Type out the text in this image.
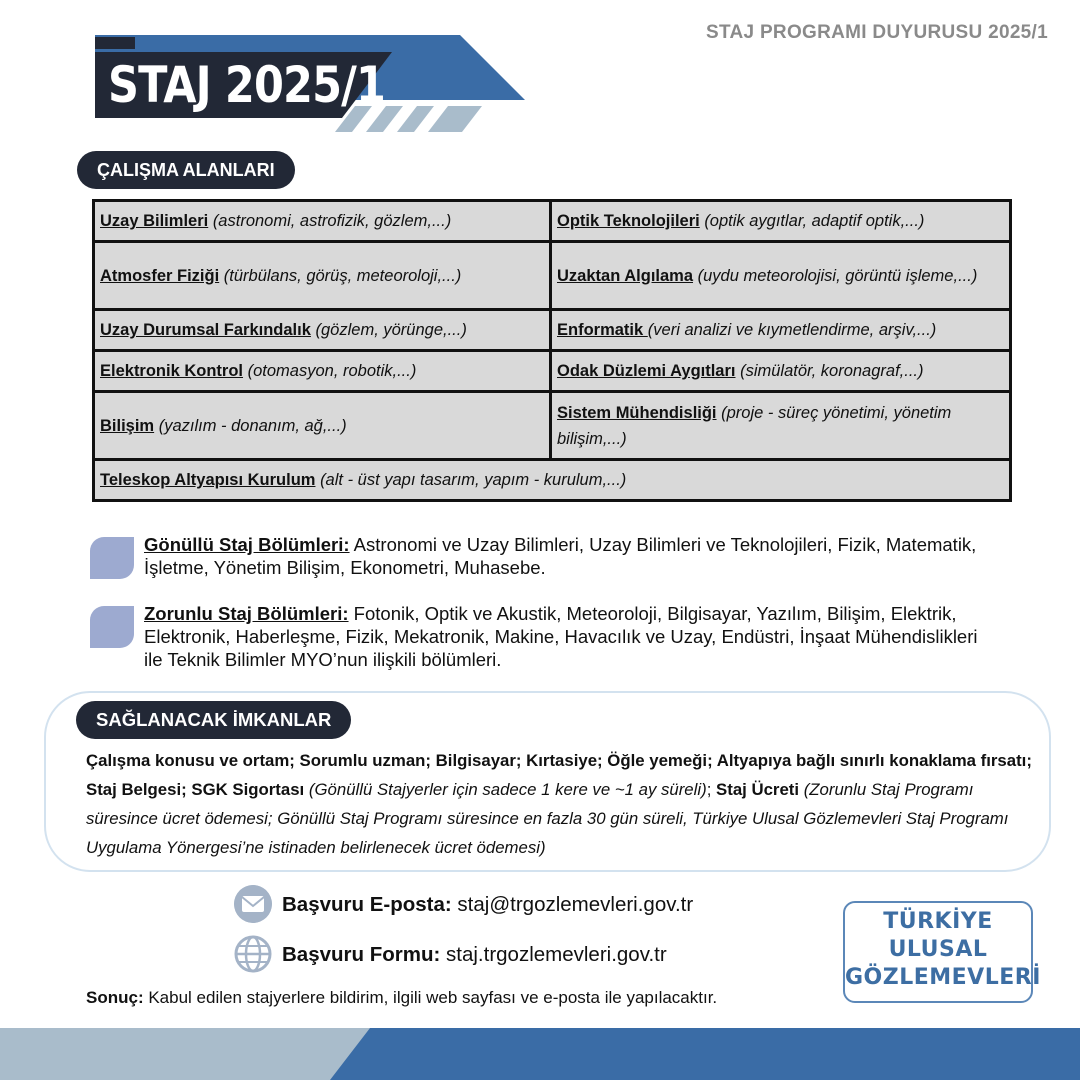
STAJ PROGRAMI DUYURUSU 2025/1
STAJ 2025/1
ÇALIŞMA ALANLARI
Uzay Bilimleri (astronomi, astrofizik, gözlem,...)	Optik Teknolojileri (optik aygıtlar, adaptif optik,...)
Atmosfer Fiziği (türbülans, görüş, meteoroloji,...)	Uzaktan Algılama (uydu meteorolojisi, görüntü işleme,...)
Uzay Durumsal Farkındalık (gözlem, yörünge,...)	Enformatik (veri analizi ve kıymetlendirme, arşiv,...)
Elektronik Kontrol (otomasyon, robotik,...)	Odak Düzlemi Aygıtları (simülatör, koronagraf,...)
Bilişim (yazılım - donanım, ağ,...)	Sistem Mühendisliği (proje - süreç yönetimi, yönetim bilişim,...)
Teleskop Altyapısı Kurulum (alt - üst yapı tasarım, yapım - kurulum,...)	
Gönüllü Staj Bölümleri: Astronomi ve Uzay Bilimleri, Uzay Bilimleri ve Teknolojileri, Fizik, Matematik, İşletme, Yönetim Bilişim, Ekonometri, Muhasebe.
Zorunlu Staj Bölümleri: Fotonik, Optik ve Akustik, Meteoroloji, Bilgisayar, Yazılım, Bilişim, Elektrik, Elektronik, Haberleşme, Fizik, Mekatronik, Makine, Havacılık ve Uzay, Endüstri, İnşaat Mühendislikleri ile Teknik Bilimler MYO’nun ilişkili bölümleri.
SAĞLANACAK İMKANLAR
Çalışma konusu ve ortam; Sorumlu uzman; Bilgisayar; Kırtasiye; Öğle yemeği; Altyapıya bağlı sınırlı konaklama fırsatı; Staj Belgesi; SGK Sigortası (Gönüllü Stajyerler için sadece 1 kere ve ~1 ay süreli); Staj Ücreti (Zorunlu Staj Programı süresince ücret ödemesi; Gönüllü Staj Programı süresince en fazla 30 gün süreli, Türkiye Ulusal Gözlemevleri Staj Programı Uygulama Yönergesi’ne istinaden belirlenecek ücret ödemesi)
Başvuru E-posta: staj@trgozlemevleri.gov.tr
Başvuru Formu: staj.trgozlemevleri.gov.tr
Sonuç: Kabul edilen stajyerlere bildirim, ilgili web sayfası ve e-posta ile yapılacaktır.
TÜRKİYE
ULUSAL
GÖZLEMEVLERİ
